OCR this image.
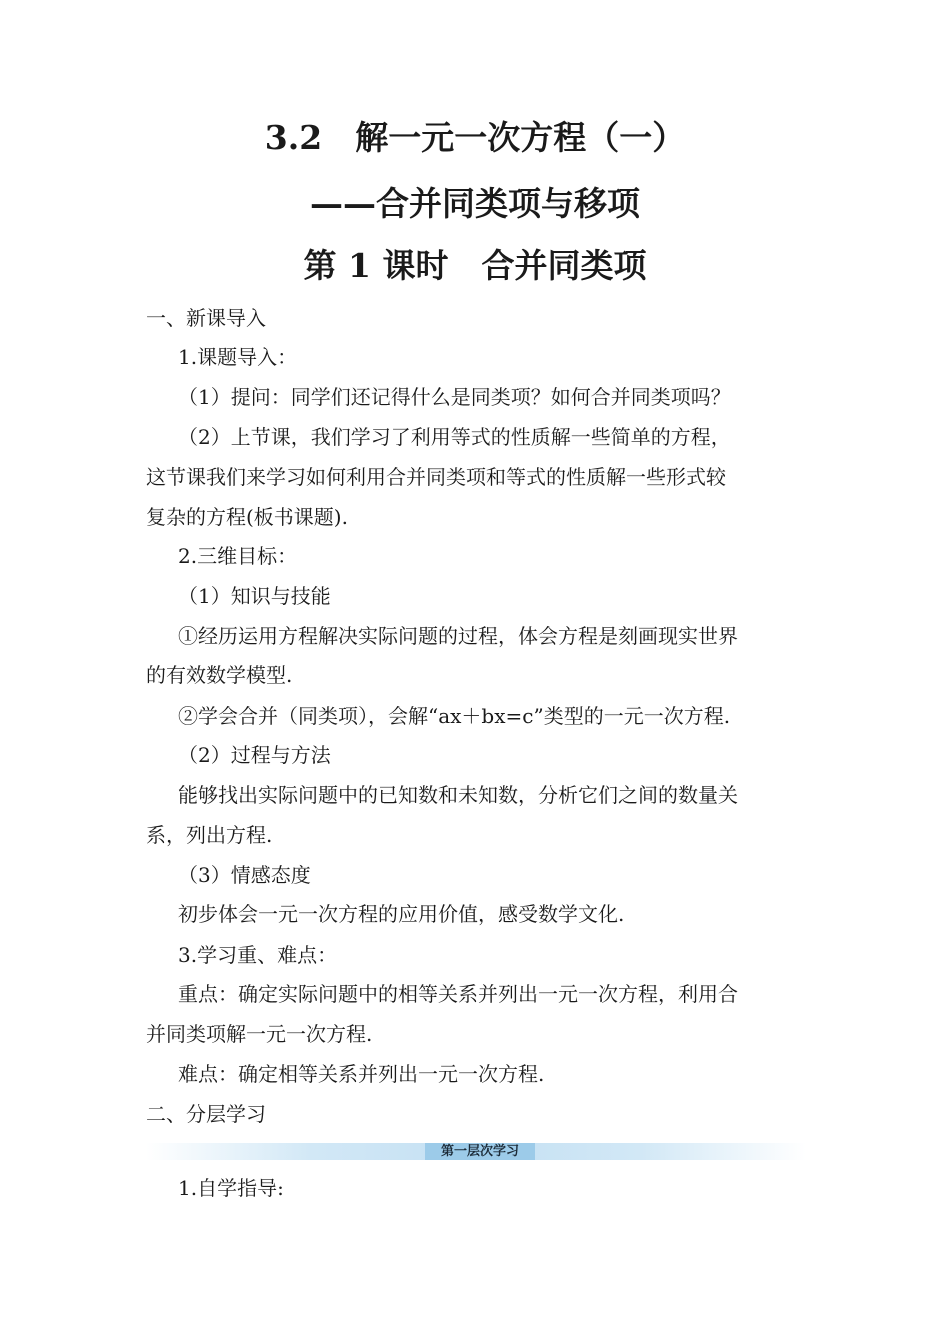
3.2　解一元一次方程（一）
——合并同类项与移项
第 1 课时　合并同类项

一、新课导入

1.课题导入：

（1）提问：同学们还记得什么是同类项？如何合并同类项吗？

（2）上节课，我们学习了利用等式的性质解一些简单的方程，

这节课我们来学习如何利用合并同类项和等式的性质解一些形式较

复杂的方程(板书课题).

2.三维目标：

（1）知识与技能

①经历运用方程解决实际问题的过程，体会方程是刻画现实世界

的有效数学模型.

②学会合并（同类项），会解“ax＋bx=c”类型的一元一次方程.

（2）过程与方法

能够找出实际问题中的已知数和未知数，分析它们之间的数量关

系，列出方程.

（3）情感态度

初步体会一元一次方程的应用价值，感受数学文化.

3.学习重、难点：

重点：确定实际问题中的相等关系并列出一元一次方程，利用合

并同类项解一元一次方程.

难点：确定相等关系并列出一元一次方程.

二、分层学习

第一层次学习

1.自学指导:
